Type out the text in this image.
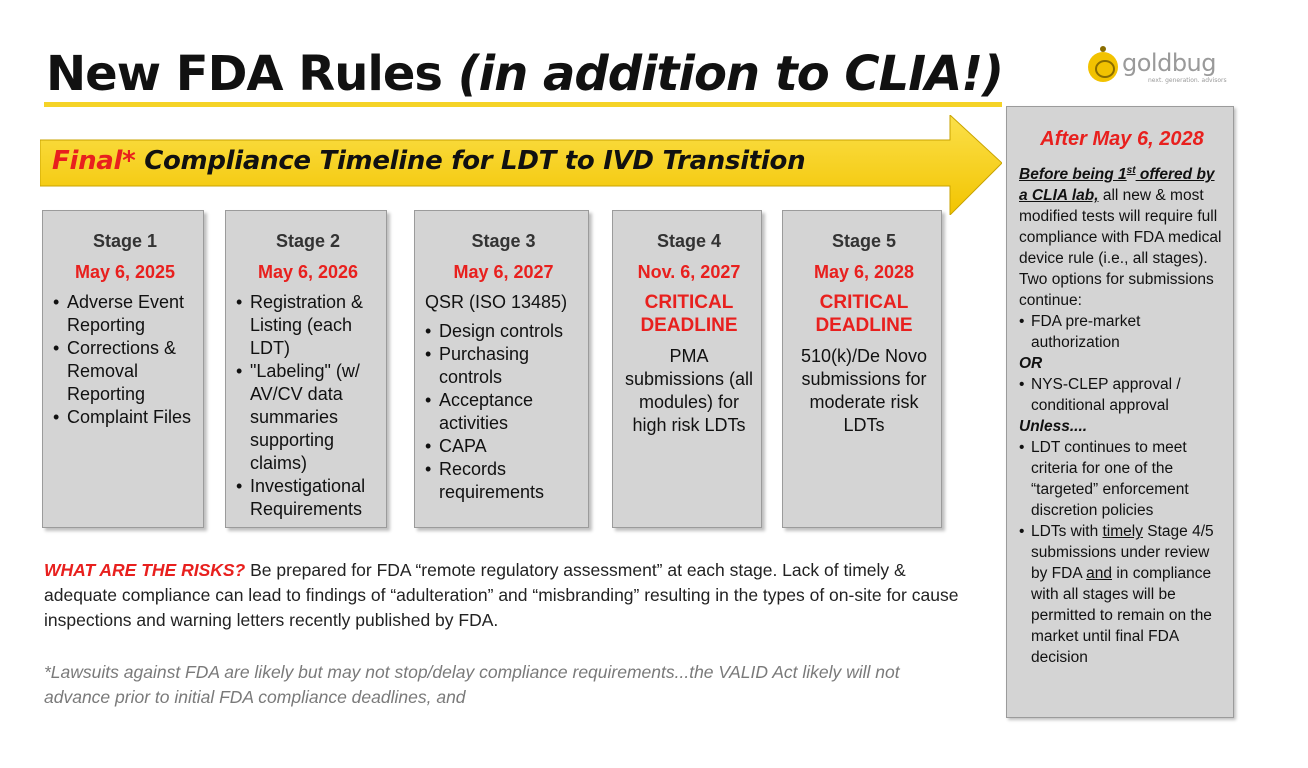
New FDA Rules (in addition to CLIA!)	goldbug
next. generation. advisors
Final* Compliance Timeline for LDT to IVD Transition
Stage 1
May 6, 2025
• Adverse Event Reporting
• Corrections & Removal Reporting
• Complaint Files
Stage 2
May 6, 2026
• Registration & Listing (each LDT)
• "Labeling" (w/ AV/CV data summaries supporting claims)
• Investigational Requirements
Stage 3
May 6, 2027
QSR (ISO 13485)
• Design controls
• Purchasing controls
• Acceptance activities
• CAPA
• Records requirements
Stage 4
Nov. 6, 2027
CRITICAL DEADLINE
PMA submissions (all modules) for high risk LDTs
Stage 5
May 6, 2028
CRITICAL DEADLINE
510(k)/De Novo submissions for moderate risk LDTs
After May 6, 2028
Before being 1st offered by a CLIA lab, all new & most modified tests will require full compliance with FDA medical device rule (i.e., all stages). Two options for submissions continue:
• FDA pre-market authorization
OR
• NYS-CLEP approval / conditional approval
Unless....
• LDT continues to meet criteria for one of the “targeted” enforcement discretion policies
• LDTs with timely Stage 4/5 submissions under review by FDA and in compliance with all stages will be permitted to remain on the market until final FDA decision
WHAT ARE THE RISKS? Be prepared for FDA “remote regulatory assessment” at each stage. Lack of timely & adequate compliance can lead to findings of “adulteration” and “misbranding” resulting in the types of on-site for cause inspections and warning letters recently published by FDA.
*Lawsuits against FDA are likely but may not stop/delay compliance requirements...the VALID Act likely will not advance prior to initial FDA compliance deadlines, and
